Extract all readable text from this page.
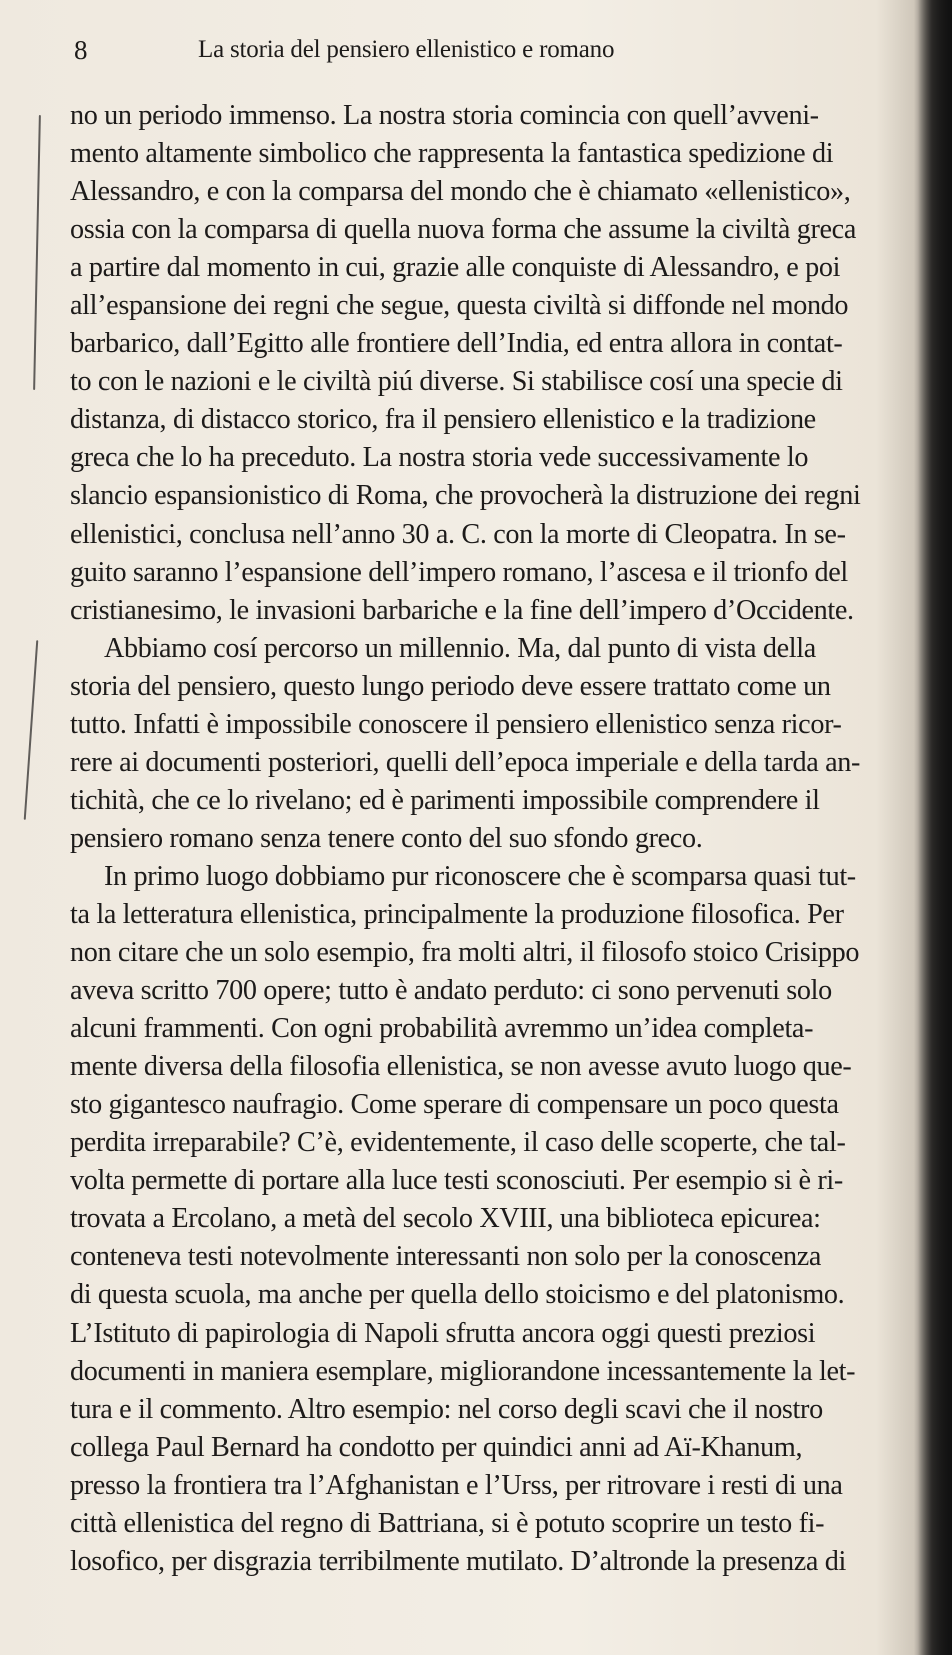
8	La storia del pensiero ellenistico e romano
no un periodo immenso. La nostra storia comincia con quell’avveni-
mento altamente simbolico che rappresenta la fantastica spedizione di
Alessandro, e con la comparsa del mondo che è chiamato «ellenistico»,
ossia con la comparsa di quella nuova forma che assume la civiltà greca
a partire dal momento in cui, grazie alle conquiste di Alessandro, e poi
all’espansione dei regni che segue, questa civiltà si diffonde nel mondo
barbarico, dall’Egitto alle frontiere dell’India, ed entra allora in contat-
to con le nazioni e le civiltà piú diverse. Si stabilisce cosí una specie di
distanza, di distacco storico, fra il pensiero ellenistico e la tradizione
greca che lo ha preceduto. La nostra storia vede successivamente lo
slancio espansionistico di Roma, che provocherà la distruzione dei regni
ellenistici, conclusa nell’anno 30 a. C. con la morte di Cleopatra. In se-
guito saranno l’espansione dell’impero romano, l’ascesa e il trionfo del
cristianesimo, le invasioni barbariche e la fine dell’impero d’Occidente.
Abbiamo cosí percorso un millennio. Ma, dal punto di vista della
storia del pensiero, questo lungo periodo deve essere trattato come un
tutto. Infatti è impossibile conoscere il pensiero ellenistico senza ricor-
rere ai documenti posteriori, quelli dell’epoca imperiale e della tarda an-
tichità, che ce lo rivelano; ed è parimenti impossibile comprendere il
pensiero romano senza tenere conto del suo sfondo greco.
In primo luogo dobbiamo pur riconoscere che è scomparsa quasi tut-
ta la letteratura ellenistica, principalmente la produzione filosofica. Per
non citare che un solo esempio, fra molti altri, il filosofo stoico Crisippo
aveva scritto 700 opere; tutto è andato perduto: ci sono pervenuti solo
alcuni frammenti. Con ogni probabilità avremmo un’idea completa-
mente diversa della filosofia ellenistica, se non avesse avuto luogo que-
sto gigantesco naufragio. Come sperare di compensare un poco questa
perdita irreparabile? C’è, evidentemente, il caso delle scoperte, che tal-
volta permette di portare alla luce testi sconosciuti. Per esempio si è ri-
trovata a Ercolano, a metà del secolo XVIII, una biblioteca epicurea:
conteneva testi notevolmente interessanti non solo per la conoscenza
di questa scuola, ma anche per quella dello stoicismo e del platonismo.
L’Istituto di papirologia di Napoli sfrutta ancora oggi questi preziosi
documenti in maniera esemplare, migliorandone incessantemente la let-
tura e il commento. Altro esempio: nel corso degli scavi che il nostro
collega Paul Bernard ha condotto per quindici anni ad Aï-Khanum,
presso la frontiera tra l’Afghanistan e l’Urss, per ritrovare i resti di una
città ellenistica del regno di Battriana, si è potuto scoprire un testo fi-
losofico, per disgrazia terribilmente mutilato. D’altronde la presenza di
